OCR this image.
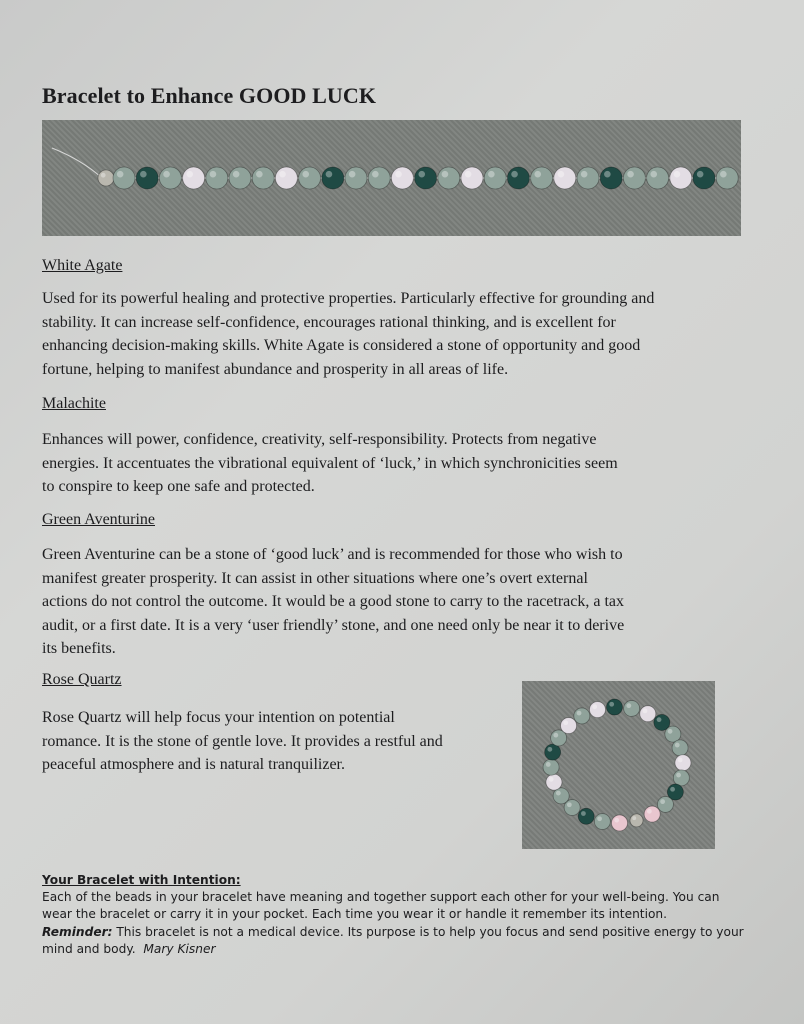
Bracelet to Enhance GOOD LUCK
White Agate
Used for its powerful healing and protective properties. Particularly effective for grounding and
stability. It can increase self-confidence, encourages rational thinking, and is excellent for
enhancing decision-making skills. White Agate is considered a stone of opportunity and good
fortune, helping to manifest abundance and prosperity in all areas of life.
Malachite
Enhances will power, confidence, creativity, self-responsibility. Protects from negative
energies. It accentuates the vibrational equivalent of ‘luck,’ in which synchronicities seem
to conspire to keep one safe and protected.
Green Aventurine
Green Aventurine can be a stone of ‘good luck’ and is recommended for those who wish to
manifest greater prosperity. It can assist in other situations where one’s overt external
actions do not control the outcome. It would be a good stone to carry to the racetrack, a tax
audit, or a first date. It is a very ‘user friendly’ stone, and one need only be near it to derive
its benefits.
Rose Quartz
Rose Quartz will help focus your intention on potential
romance. It is the stone of gentle love. It provides a restful and
peaceful atmosphere and is natural tranquilizer.
Your Bracelet with Intention:
Each of the beads in your bracelet have meaning and together support each other for your well-being. You can
wear the bracelet or carry it in your pocket. Each time you wear it or handle it remember its intention.
Reminder: This bracelet is not a medical device. Its purpose is to help you focus and send positive energy to your
mind and body. Mary Kisner
